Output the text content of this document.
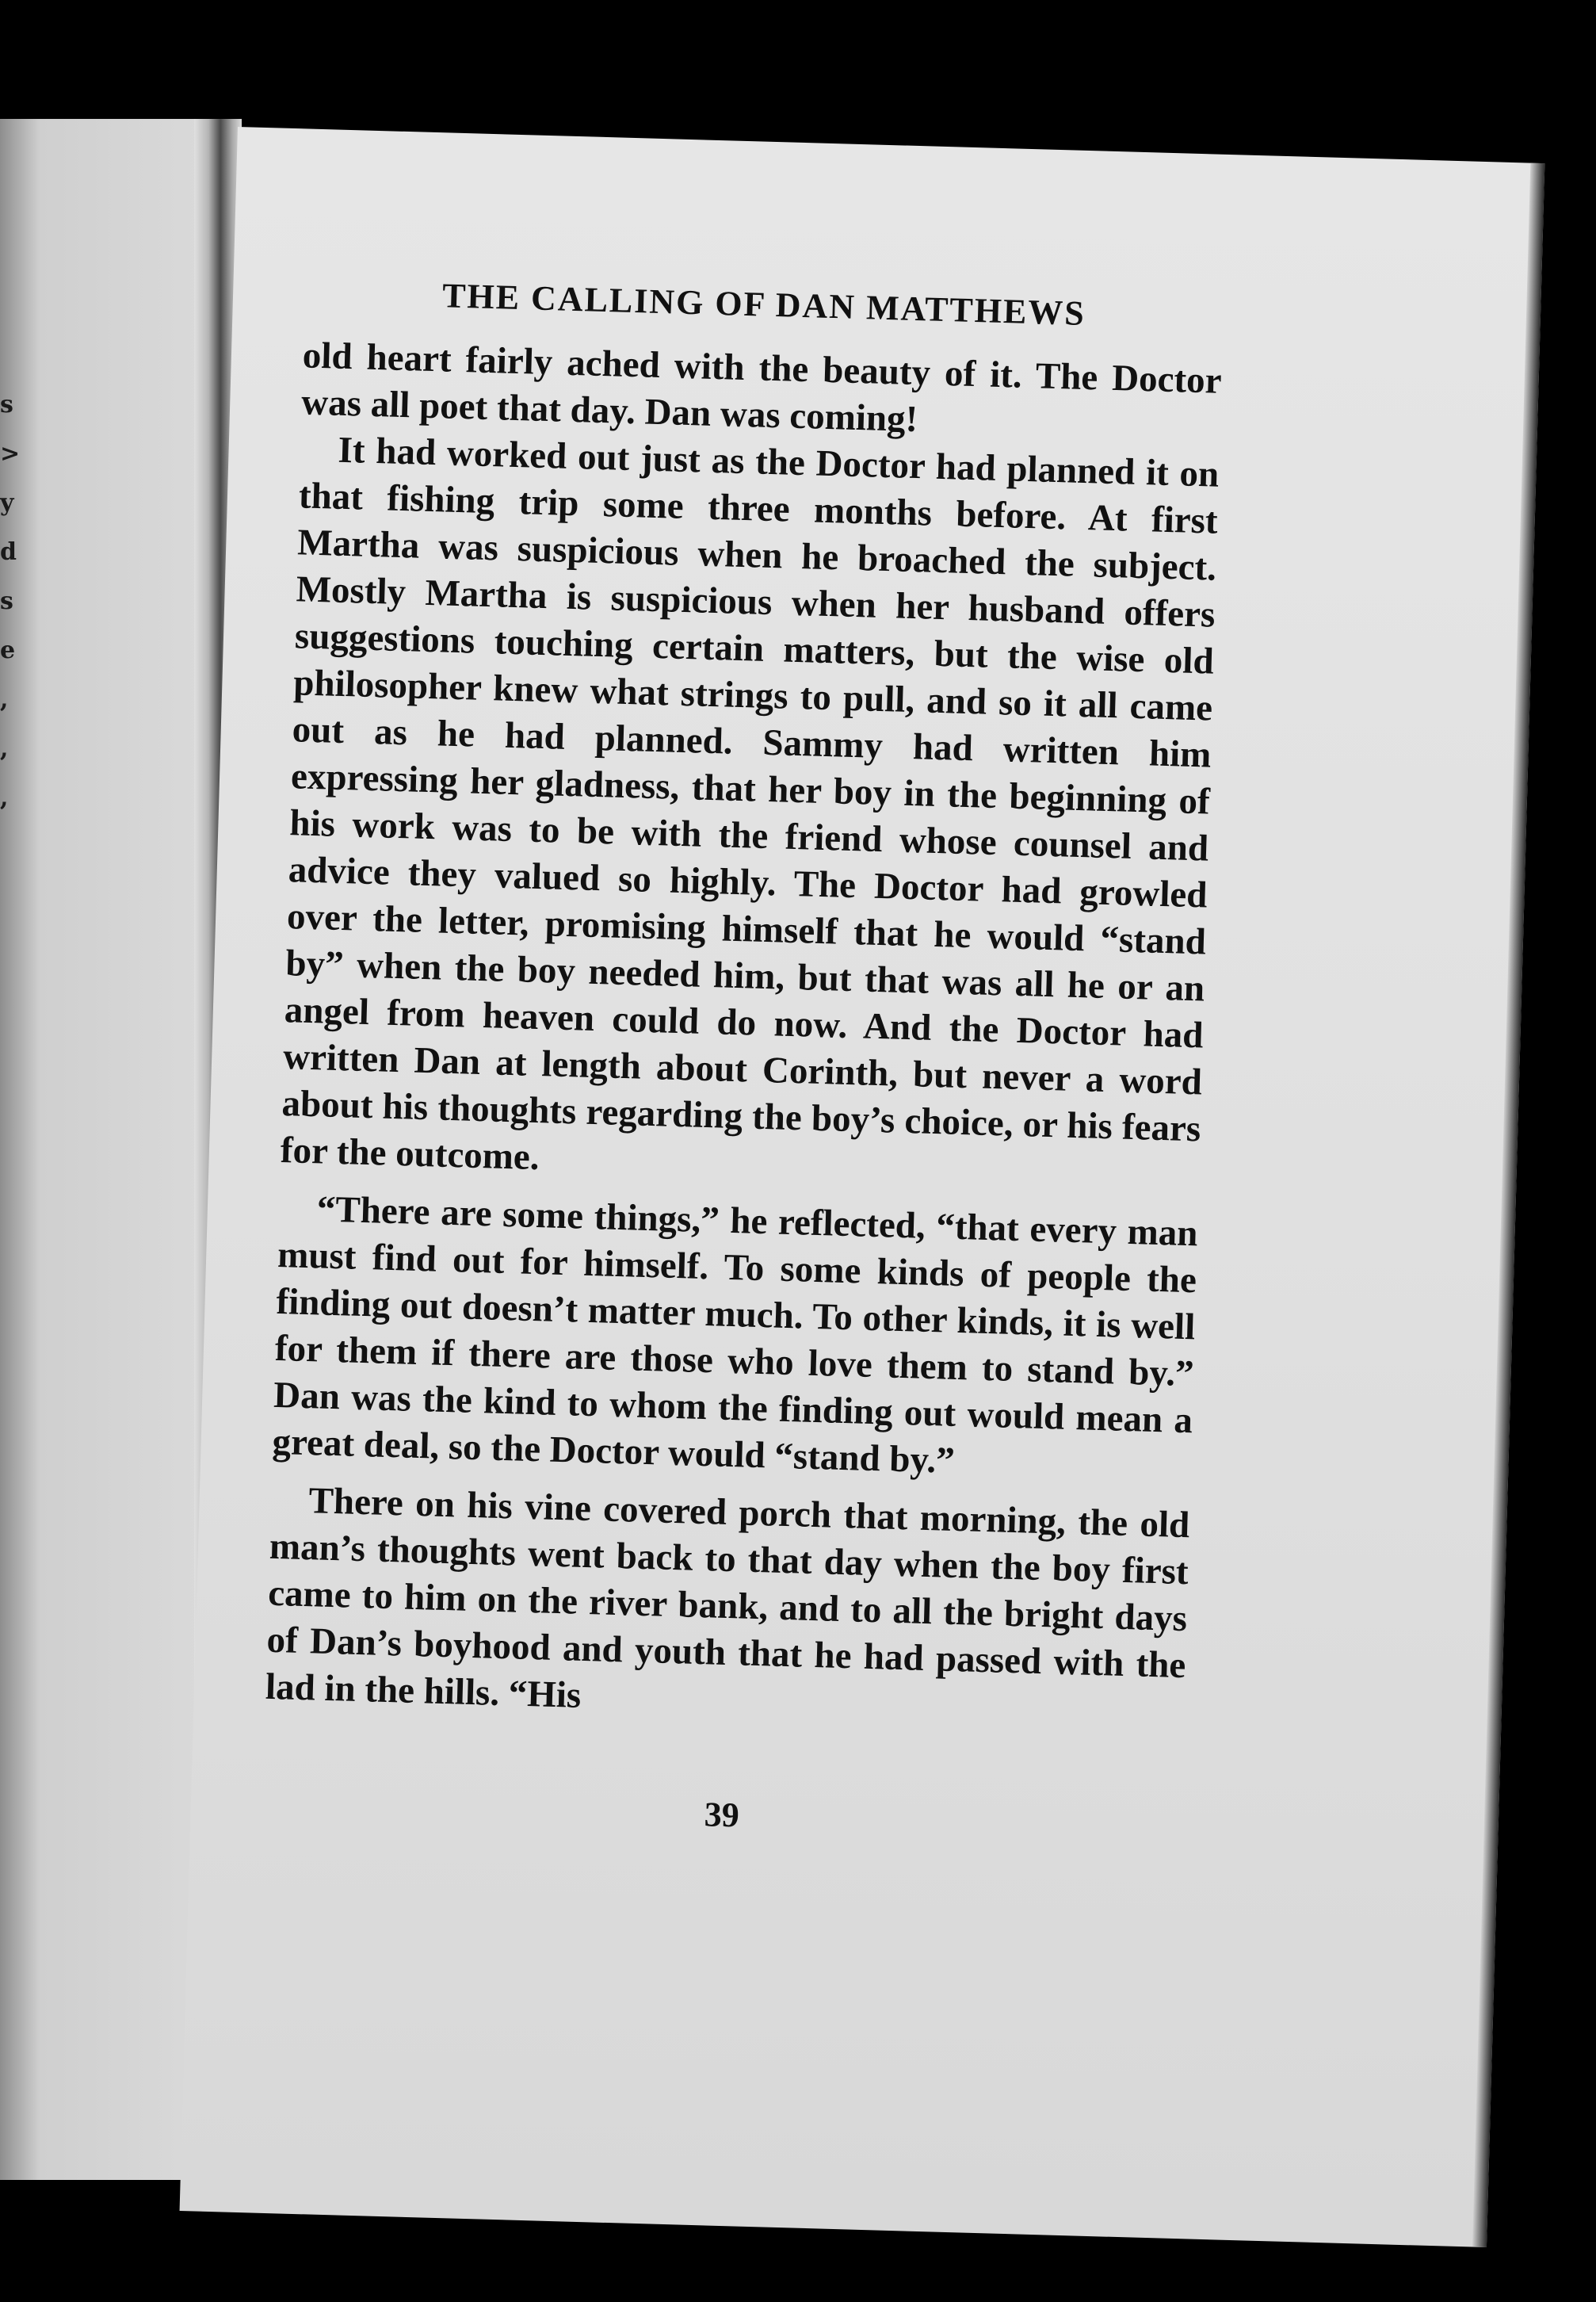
s
>
y
d
s
e
,
,
,
THE CALLING OF DAN MATTHEWS

old heart fairly ached with the beauty of it. The Doctor was all poet that day. Dan was coming!

It had worked out just as the Doctor had planned it on that fishing trip some three months before. At first Martha was suspicious when he broached the subject. Mostly Martha is suspicious when her husband offers suggestions touching certain matters, but the wise old philosopher knew what strings to pull, and so it all came out as he had planned. Sammy had written him expressing her gladness, that her boy in the beginning of his work was to be with the friend whose counsel and advice they valued so highly. The Doctor had growled over the letter, promising himself that he would “stand by” when the boy needed him, but that was all he or an angel from heaven could do now. And the Doctor had written Dan at length about Corinth, but never a word about his thoughts regarding the boy’s choice, or his fears for the outcome.

“There are some things,” he reflected, “that every man must find out for himself. To some kinds of people the finding out doesn’t matter much. To other kinds, it is well for them if there are those who love them to stand by.” Dan was the kind to whom the finding out would mean a great deal, so the Doctor would “stand by.”

There on his vine covered porch that morning, the old man’s thoughts went back to that day when the boy first came to him on the river bank, and to all the bright days of Dan’s boyhood and youth that he had passed with the lad in the hills. “His

39
